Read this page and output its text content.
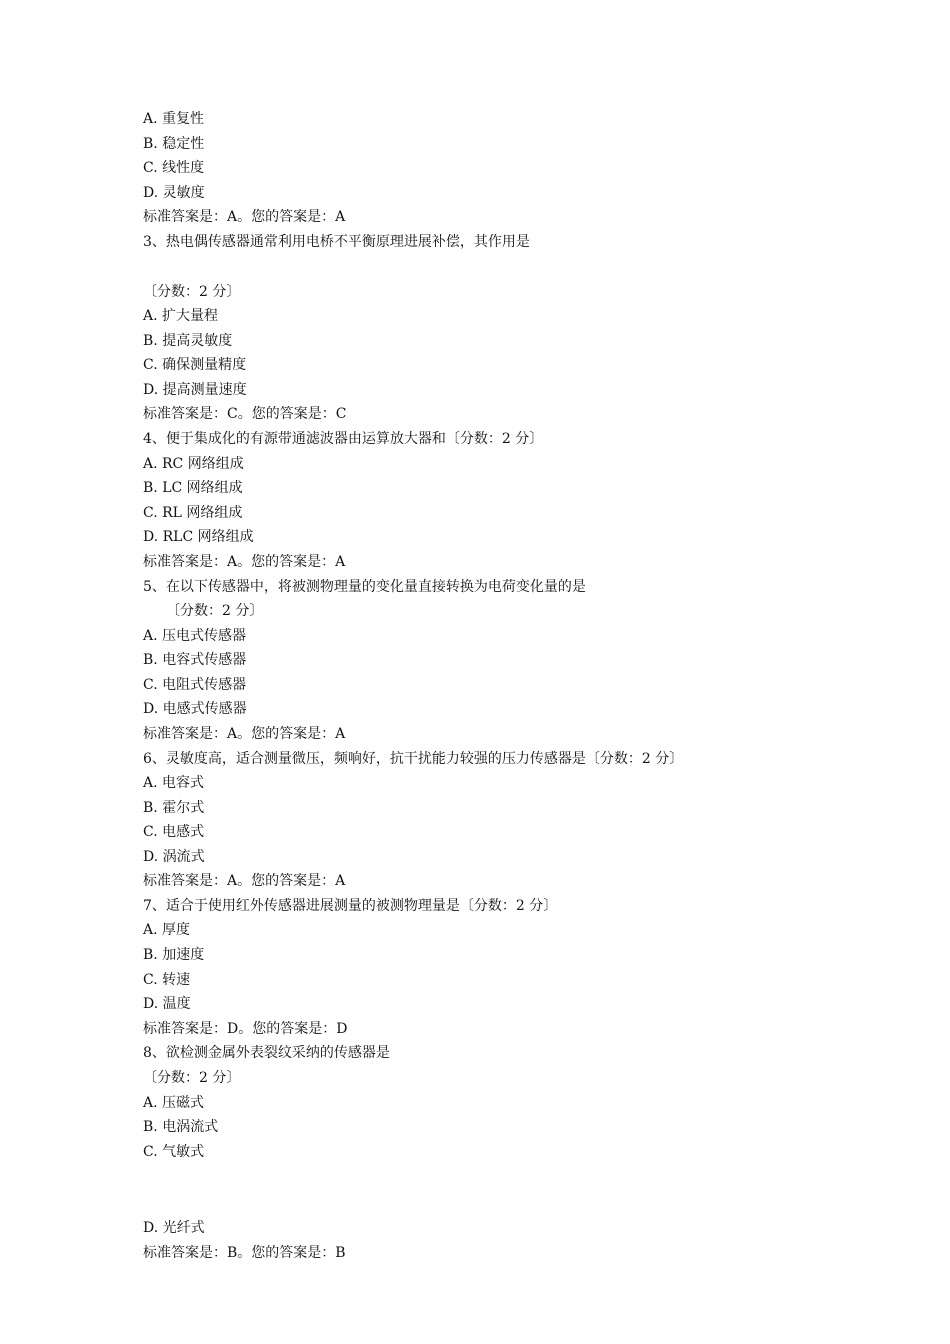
A. 重复性
B. 稳定性
C. 线性度
D. 灵敏度
标准答案是：A。您的答案是：A
3、热电偶传感器通常利用电桥不平衡原理进展补偿，其作用是
〔分数：2 分〕
A. 扩大量程
B. 提高灵敏度
C. 确保测量精度
D. 提高测量速度
标准答案是：C。您的答案是：C
4、便于集成化的有源带通滤波器由运算放大器和〔分数：2 分〕
A. RC 网络组成
B. LC 网络组成
C. RL 网络组成
D. RLC 网络组成
标准答案是：A。您的答案是：A
5、在以下传感器中，将被测物理量的变化量直接转换为电荷变化量的是
〔分数：2 分〕
A. 压电式传感器
B. 电容式传感器
C. 电阻式传感器
D. 电感式传感器
标准答案是：A。您的答案是：A
6、灵敏度高，适合测量微压，频响好，抗干扰能力较强的压力传感器是〔分数：2 分〕
A. 电容式
B. 霍尔式
C. 电感式
D. 涡流式
标准答案是：A。您的答案是：A
7、适合于使用红外传感器进展测量的被测物理量是〔分数：2 分〕
A. 厚度
B. 加速度
C. 转速
D. 温度
标准答案是：D。您的答案是：D
8、欲检测金属外表裂纹采纳的传感器是
〔分数：2 分〕
A. 压磁式
B. 电涡流式
C. 气敏式
D. 光纤式
标准答案是：B。您的答案是：B
